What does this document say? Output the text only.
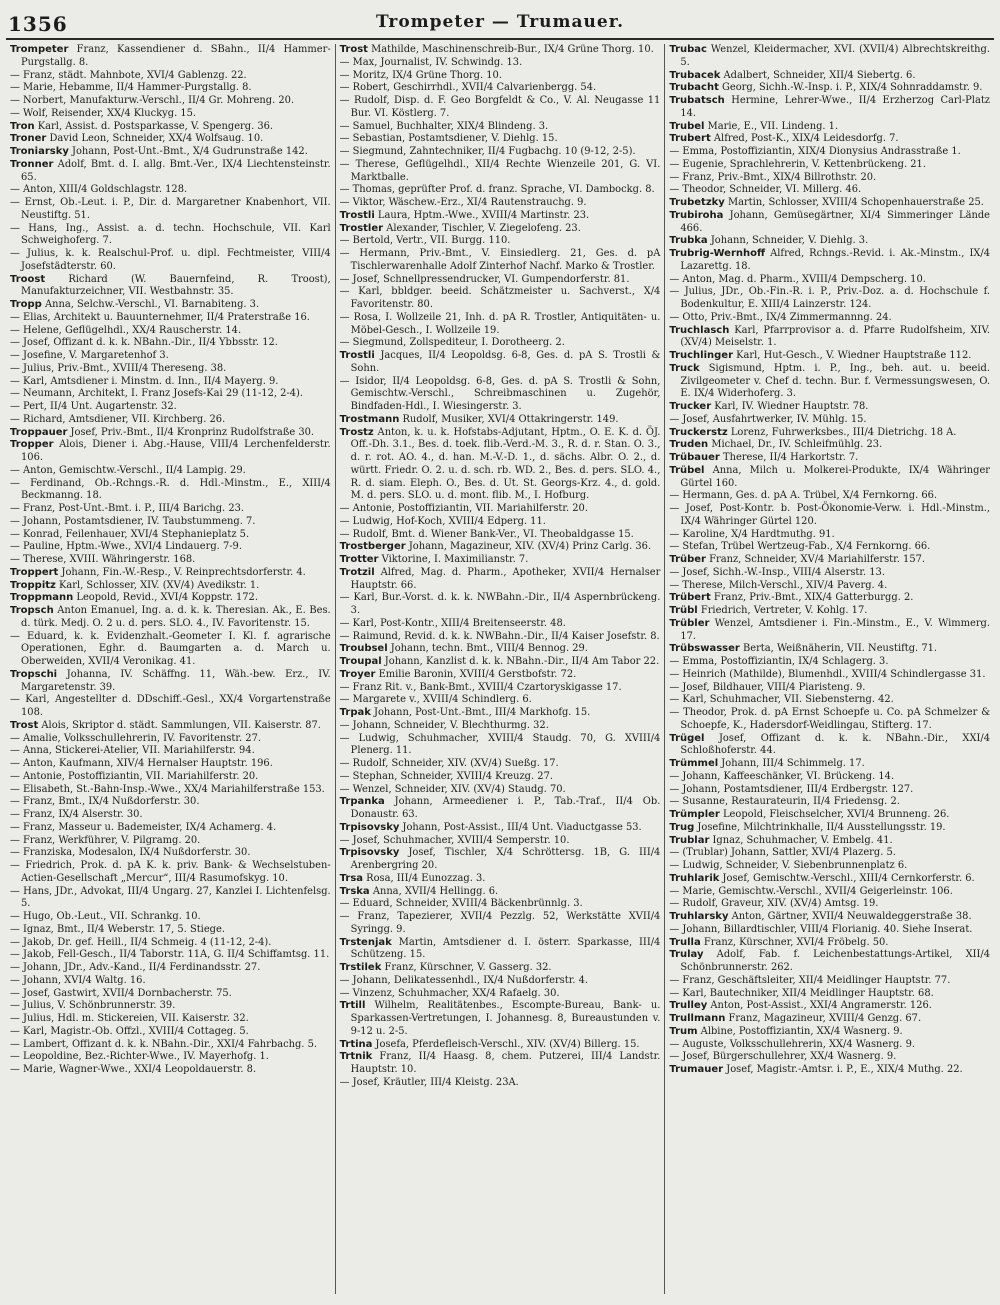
1356	Trompeter — Trumauer.
Trompeter Franz, Kassendiener d. SBahn., II/4 Hammer-Purgstallg. 8.
— Franz, städt. Mahnbote, XVI/4 Gablenzg. 22.
— Marie, Hebamme, II/4 Hammer-Purgstallg. 8.
— Norbert, Manufakturw.-Verschl., II/4 Gr. Mohreng. 20.
— Wolf, Reisender, XX/4 Kluckyg. 15.
Tron Karl, Assist. d. Postsparkasse, V. Spengerg. 36.
Troner David Leon, Schneider, XX/4 Wolfsaug. 10.
Troniarsky Johann, Post-Unt.-Bmt., X/4 Gudrunstraße 142.
Tronner Adolf, Bmt. d. I. allg. Bmt.-Ver., IX/4 Liechtensteinstr. 65.
— Anton, XIII/4 Goldschlagstr. 128.
— Ernst, Ob.-Leut. i. P., Dir. d. Margaretner Knabenhort, VII. Neustiftg. 51.
— Hans, Ing., Assist. a. d. techn. Hochschule, VII. Karl Schweighoferg. 7.
— Julius, k. k. Realschul-Prof. u. dipl. Fechtmeister, VIII/4 Josefstädterstr. 60.
Troost Richard (W. Bauernfeind, R. Troost), Manufakturzeichner, VII. Westbahnstr. 35.
Tropp Anna, Selchw.-Verschl., VI. Barnabiteng. 3.
— Elias, Architekt u. Bauunternehmer, II/4 Praterstraße 16.
— Helene, Geflügelhdl., XX/4 Rauscherstr. 14.
— Josef, Offizant d. k. k. NBahn.-Dir., II/4 Ybbsstr. 12.
— Josefine, V. Margaretenhof 3.
— Julius, Priv.-Bmt., XVIII/4 Thereseng. 38.
— Karl, Amtsdiener i. Minstm. d. Inn., II/4 Mayerg. 9.
— Neumann, Architekt, I. Franz Josefs-Kai 29 (11-12, 2-4).
— Pert, II/4 Unt. Augartenstr. 32.
— Richard, Amtsdiener, VII. Kirchberg. 26.
Troppauer Josef, Priv.-Bmt., II/4 Kronprinz Rudolfstraße 30.
Tropper Alois, Diener i. Abg.-Hause, VIII/4 Lerchenfelderstr. 106.
— Anton, Gemischtw.-Verschl., II/4 Lampig. 29.
— Ferdinand, Ob.-Rchngs.-R. d. Hdl.-Minstm., E., XIII/4 Beckmanng. 18.
— Franz, Post-Unt.-Bmt. i. P., III/4 Barichg. 23.
— Johann, Postamtsdiener, IV. Taubstummeng. 7.
— Konrad, Feilenhauer, XVI/4 Stephanieplatz 5.
— Pauline, Hptm.-Wwe., XVI/4 Lindauerg. 7-9.
— Therese, XVIII. Währingerstr. 168.
Troppert Johann, Fin.-W.-Resp., V. Reinprechtsdorferstr. 4.
Troppitz Karl, Schlosser, XIV. (XV/4) Avedikstr. 1.
Troppmann Leopold, Revid., XVI/4 Koppstr. 172.
Tropsch Anton Emanuel, Ing. a. d. k. k. Theresian. Ak., E. Bes. d. türk. Medj. O. 2 u. d. pers. SLO. 4., IV. Favoritenstr. 15.
— Eduard, k. k. Evidenzhalt.-Geometer I. Kl. f. agrarische Operationen, Eghr. d. Baumgarten a. d. March u. Oberweiden, XVII/4 Veronikag. 41.
Tropschi Johanna, IV. Schäffng. 11, Wäh.-bew. Erz., IV. Margaretenstr. 39.
— Karl, Angestellter d. DDschiff.-Gesl., XX/4 Vorgartenstraße 108.
Trost Alois, Skriptor d. städt. Sammlungen, VII. Kaiserstr. 87.
— Amalie, Volksschullehrerin, IV. Favoritenstr. 27.
— Anna, Stickerei-Atelier, VII. Mariahilferstr. 94.
— Anton, Kaufmann, XIV/4 Hernalser Hauptstr. 196.
— Antonie, Postoffiziantin, VII. Mariahilferstr. 20.
— Elisabeth, St.-Bahn-Insp.-Wwe., XX/4 Mariahilferstraße 153.
— Franz, Bmt., IX/4 Nußdorferstr. 30.
— Franz, IX/4 Alserstr. 30.
— Franz, Masseur u. Bademeister, IX/4 Achamerg. 4.
— Franz, Werkführer, V. Pilgramg. 20.
— Franziska, Modesalon, IX/4 Nußdorferstr. 30.
— Friedrich, Prok. d. pA K. k. priv. Bank- & Wechselstuben-Actien-Gesellschaft „Mercur“, III/4 Rasumofskyg. 10.
— Hans, JDr., Advokat, III/4 Ungarg. 27, Kanzlei I. Lichtenfelsg. 5.
— Hugo, Ob.-Leut., VII. Schrankg. 10.
— Ignaz, Bmt., II/4 Weberstr. 17, 5. Stiege.
— Jakob, Dr. gef. Heill., II/4 Schmeig. 4 (11-12, 2-4).
— Jakob, Fell-Gesch., II/4 Taborstr. 11A, G. II/4 Schiffamtsg. 11.
— Johann, JDr., Adv.-Kand., II/4 Ferdinandsstr. 27.
— Johann, XVI/4 Waltg. 16.
— Josef, Gastwirt, XVII/4 Dornbacherstr. 75.
— Julius, V. Schönbrunnerstr. 39.
— Julius, Hdl. m. Stickereien, VII. Kaiserstr. 32.
— Karl, Magistr.-Ob. Offzl., XVIII/4 Cottageg. 5.
— Lambert, Offizant d. k. k. NBahn.-Dir., XXI/4 Fahrbachg. 5.
— Leopoldine, Bez.-Richter-Wwe., IV. Mayerhofg. 1.
— Marie, Wagner-Wwe., XXI/4 Leopoldauerstr. 8.
Trost Mathilde, Maschinenschreib-Bur., IX/4 Grüne Thorg. 10.
— Max, Journalist, IV. Schwindg. 13.
— Moritz, IX/4 Grüne Thorg. 10.
— Robert, Geschirrhdl., XVII/4 Calvarienbergg. 54.
— Rudolf, Disp. d. F. Geo Borgfeldt & Co., V. Al. Neugasse 11 Bur. VI. Köstlerg. 7.
— Samuel, Buchhalter, XIX/4 Blindeng. 3.
— Sebastian, Postamtsdiener, V. Diehlg. 15.
— Siegmund, Zahntechniker, II/4 Fugbachg. 10 (9-12, 2-5).
— Therese, Geflügelhdl., XII/4 Rechte Wienzeile 201, G. VI. Marktballe.
— Thomas, geprüfter Prof. d. franz. Sprache, VI. Dambockg. 8.
— Viktor, Wäschew.-Erz., XI/4 Rautenstrauchg. 9.
Trostli Laura, Hptm.-Wwe., XVIII/4 Martinstr. 23.
Trostler Alexander, Tischler, V. Ziegelofeng. 23.
— Bertold, Vertr., VII. Burgg. 110.
— Hermann, Priv.-Bmt., V. Einsiedlerg. 21, Ges. d. pA Tischlerwarenhalle Adolf Zinterhof Nachf. Marko & Trostler.
— Josef, Schnellpressendrucker, VI. Gumpendorferstr. 81.
— Karl, bbldger. beeid. Schätzmeister u. Sachverst., X/4 Favoritenstr. 80.
— Rosa, I. Wollzeile 21, Inh. d. pA R. Trostler, Antiquitäten- u. Möbel-Gesch., I. Wollzeile 19.
— Siegmund, Zollspediteur, I. Dorotheerg. 2.
Trostli Jacques, II/4 Leopoldsg. 6-8, Ges. d. pA S. Trostli & Sohn.
— Isidor, II/4 Leopoldsg. 6-8, Ges. d. pA S. Trostli & Sohn, Gemischtw.-Verschl., Schreibmaschinen u. Zugehör, Bindfaden-Hdl., I. Wiesingerstr. 3.
Trostmann Rudolf, Musiker, XVI/4 Ottakringerstr. 149.
Trostz Anton, k. u. k. Hofstabs-Adjutant, Hptm., O. E. K. d. ÖJ. Off.-Dh. 3.1., Bes. d. toek. flib.-Verd.-M. 3., R. d. r. Stan. O. 3., d. r. rot. AO. 4., d. han. M.-V.-D. 1., d. sächs. Albr. O. 2., d. württ. Friedr. O. 2. u. d. sch. rb. WD. 2., Bes. d. pers. SLO. 4., R. d. siam. Eleph. O., Bes. d. Ut. St. Georgs-Krz. 4., d. gold. M. d. pers. SLO. u. d. mont. flib. M., I. Hofburg.
— Antonie, Postoffiziantin, VII. Mariahilferstr. 20.
— Ludwig, Hof-Koch, XVIII/4 Edperg. 11.
— Rudolf, Bmt. d. Wiener Bank-Ver., VI. Theobaldgasse 15.
Trostberger Johann, Magazineur, XIV. (XV/4) Prinz Carlg. 36.
Trotter Viktorine, I. Maximilianstr. 7.
Trotzil Alfred, Mag. d. Pharm., Apotheker, XVII/4 Hernalser Hauptstr. 66.
— Karl, Bur.-Vorst. d. k. k. NWBahn.-Dir., II/4 Aspernbrückeng. 3.
— Karl, Post-Kontr., XIII/4 Breitenseerstr. 48.
— Raimund, Revid. d. k. k. NWBahn.-Dir., II/4 Kaiser Josefstr. 8.
Troubsel Johann, techn. Bmt., VIII/4 Bennog. 29.
Troupal Johann, Kanzlist d. k. k. NBahn.-Dir., II/4 Am Tabor 22.
Troyer Emilie Baronin, XVIII/4 Gerstbofstr. 72.
— Franz Rit. v., Bank-Bmt., XVIII/4 Czartoryskigasse 17.
— Margarete v., XVIII/4 Schindlerg. 6.
Trpak Johann, Post-Unt.-Bmt., III/4 Markhofg. 15.
— Johann, Schneider, V. Blechthurmg. 32.
— Ludwig, Schuhmacher, XVIII/4 Staudg. 70, G. XVIII/4 Plenerg. 11.
— Rudolf, Schneider, XIV. (XV/4) Sueßg. 17.
— Stephan, Schneider, XVIII/4 Kreuzg. 27.
— Wenzel, Schneider, XIV. (XV/4) Staudg. 70.
Trpanka Johann, Armeediener i. P., Tab.-Traf., II/4 Ob. Donaustr. 63.
Trpisovsky Johann, Post-Assist., III/4 Unt. Viaductgasse 53.
— Josef, Schuhmacher, XVIII/4 Semperstr. 10.
Trpisovsky Josef, Tischler, X/4 Schröttersg. 1B, G. III/4 Arenbergring 20.
Trsa Rosa, III/4 Eunozzag. 3.
Trska Anna, XVII/4 Hellingg. 6.
— Eduard, Schneider, XVIII/4 Bäckenbrünnlg. 3.
— Franz, Tapezierer, XVII/4 Pezzlg. 52, Werkstätte XVII/4 Syringg. 9.
Trstenjak Martin, Amtsdiener d. I. österr. Sparkasse, III/4 Schützeng. 15.
Trstilek Franz, Kürschner, V. Gasserg. 32.
— Johann, Delikatessenhdl., IX/4 Nußdorferstr. 4.
— Vinzenz, Schuhmacher, XX/4 Rafaelg. 30.
Trtill Wilhelm, Realitätenbes., Escompte-Bureau, Bank- u. Sparkassen-Vertretungen, I. Johannesg. 8, Bureaustunden v. 9-12 u. 2-5.
Trtina Josefa, Pferdefleisch-Verschl., XIV. (XV/4) Billerg. 15.
Trtnik Franz, II/4 Haasg. 8, chem. Putzerei, III/4 Landstr. Hauptstr. 10.
— Josef, Kräutler, III/4 Kleistg. 23A.
Trubac Wenzel, Kleidermacher, XVI. (XVII/4) Albrechtskreithg. 5.
Trubacek Adalbert, Schneider, XII/4 Siebertg. 6.
Trubacht Georg, Sichh.-W.-Insp. i. P., XIX/4 Sohnraddamstr. 9.
Trubatsch Hermine, Lehrer-Wwe., II/4 Erzherzog Carl-Platz 14.
Trubel Marie, E., VII. Lindeng. 1.
Trubert Alfred, Post-K., XIX/4 Leidesdorfg. 7.
— Emma, Postoffiziantin, XIX/4 Dionysius Andrasstraße 1.
— Eugenie, Sprachlehrerin, V. Kettenbrückeng. 21.
— Franz, Priv.-Bmt., XIX/4 Billrothstr. 20.
— Theodor, Schneider, VI. Millerg. 46.
Trubetzky Martin, Schlosser, XVIII/4 Schopenhauerstraße 25.
Trubiroha Johann, Gemüsegärtner, XI/4 Simmeringer Lände 466.
Trubka Johann, Schneider, V. Diehlg. 3.
Trubrig-Wernhoff Alfred, Rchngs.-Revid. i. Ak.-Minstm., IX/4 Lazarettg. 18.
— Anton, Mag. d. Pharm., XVIII/4 Dempscherg. 10.
— Julius, JDr., Ob.-Fin.-R. i. P., Priv.-Doz. a. d. Hochschule f. Bodenkultur, E. XIII/4 Lainzerstr. 124.
— Otto, Priv.-Bmt., IX/4 Zimmermannng. 24.
Truchlasch Karl, Pfarrprovisor a. d. Pfarre Rudolfsheim, XIV. (XV/4) Meiselstr. 1.
Truchlinger Karl, Hut-Gesch., V. Wiedner Hauptstraße 112.
Truck Sigismund, Hptm. i. P., Ing., beh. aut. u. beeid. Zivilgeometer v. Chef d. techn. Bur. f. Vermessungswesen, O. E. IX/4 Widerhoferg. 3.
Trucker Karl, IV. Wiedner Hauptstr. 78.
— Josef, Ausfahrtwerker, IV. Mühlg. 15.
Truckerstz Lorenz, Fuhrwerksbes., III/4 Dietrichg. 18 A.
Truden Michael, Dr., IV. Schleifmühlg. 23.
Trübauer Therese, II/4 Harkortstr. 7.
Trübel Anna, Milch u. Molkerei-Produkte, IX/4 Währinger Gürtel 160.
— Hermann, Ges. d. pA A. Trübel, X/4 Fernkorng. 66.
— Josef, Post-Kontr. b. Post-Ökonomie-Verw. i. Hdl.-Minstm., IX/4 Währinger Gürtel 120.
— Karoline, X/4 Hardtmuthg. 91.
— Stefan, Trübel Wertzeug-Fab., X/4 Fernkorng. 66.
Trüber Franz, Schneider, XV/4 Mariahilferstr. 157.
— Josef, Sichh.-W.-Insp., VIII/4 Alserstr. 13.
— Therese, Milch-Verschl., XIV/4 Paverg. 4.
Trübert Franz, Priv.-Bmt., XIX/4 Gatterburgg. 2.
Trübl Friedrich, Vertreter, V. Kohlg. 17.
Trübler Wenzel, Amtsdiener i. Fin.-Minstm., E., V. Wimmerg. 17.
Trübswasser Berta, Weißnäherin, VII. Neustiftg. 71.
— Emma, Postoffiziantin, IX/4 Schlagerg. 3.
— Heinrich (Mathilde), Blumenhdl., XVIII/4 Schindlergasse 31.
— Josef, Bildhauer, VIII/4 Piaristeng. 9.
— Karl, Schuhmacher, VII. Siebensterng. 42.
— Theodor, Prok. d. pA Ernst Schoepfe u. Co. pA Schmelzer & Schoepfe, K., Hadersdorf-Weidlingau, Stifterg. 17.
Trügel Josef, Offizant d. k. k. NBahn.-Dir., XXI/4 Schloßhoferstr. 44.
Trümmel Johann, III/4 Schimmelg. 17.
— Johann, Kaffeeschänker, VI. Brückeng. 14.
— Johann, Postamtsdiener, III/4 Erdbergstr. 127.
— Susanne, Restaurateurin, II/4 Friedensg. 2.
Trümpler Leopold, Fleischselcher, XVI/4 Brunneng. 26.
Trug Josefine, Milchtrinkhalle, II/4 Ausstellungsstr. 19.
Trublar Ignaz, Schuhmacher, V. Embelg. 41.
— (Trublar) Johann, Sattler, XVI/4 Plazerg. 5.
— Ludwig, Schneider, V. Siebenbrunnenplatz 6.
Truhlarik Josef, Gemischtw.-Verschl., XIII/4 Cernkorferstr. 6.
— Marie, Gemischtw.-Verschl., XVII/4 Geigerleinstr. 106.
— Rudolf, Graveur, XIV. (XV/4) Amtsg. 19.
Truhlarsky Anton, Gärtner, XVII/4 Neuwaldeggerstraße 38.
— Johann, Billardtischler, VIII/4 Florianig. 40. Siehe Inserat.
Trulla Franz, Kürschner, XVI/4 Fröbelg. 50.
Trulay Adolf, Fab. f. Leichenbestattungs-Artikel, XII/4 Schönbrunnerstr. 262.
— Franz, Geschäftsleiter, XII/4 Meidlinger Hauptstr. 77.
— Karl, Bautechniker, XII/4 Meidlinger Hauptstr. 68.
Trulley Anton, Post-Assist., XXI/4 Angramerstr. 126.
Trullmann Franz, Magazineur, XVIII/4 Genzg. 67.
Trum Albine, Postoffiziantin, XX/4 Wasnerg. 9.
— Auguste, Volksschullehrerin, XX/4 Wasnerg. 9.
— Josef, Bürgerschullehrer, XX/4 Wasnerg. 9.
Trumauer Josef, Magistr.-Amtsr. i. P., E., XIX/4 Muthg. 22.
